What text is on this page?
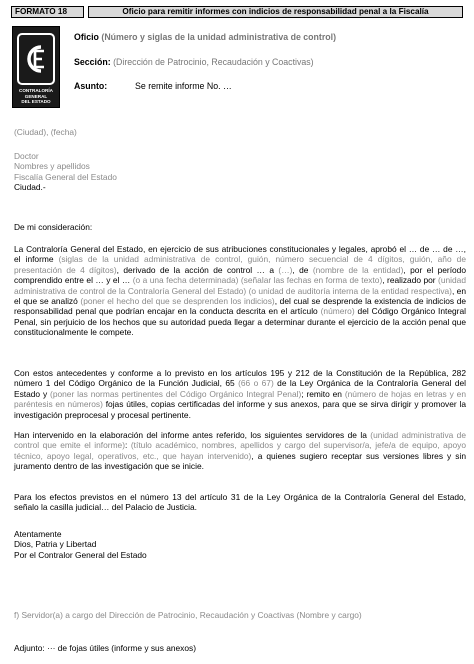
FORMATO 18	Oficio para remitir informes con indicios de responsabilidad penal a la Fiscalía
CONTRALORÍA
GENERAL
DEL ESTADO
Oficio (Número y siglas de la unidad administrativa de control)
Sección: (Dirección de Patrocinio, Recaudación y Coactivas)
Asunto:	Se remite informe No. …
(Ciudad), (fecha)
Doctor
Nombres y apellidos
Fiscalía General del Estado
Ciudad.-
De mi consideración:

La Contraloría General del Estado, en ejercicio de sus atribuciones constitucionales y legales, aprobó el … de … de …, el informe (siglas de la unidad administrativa de control, guión, número secuencial de 4 dígitos, guión, año de presentación de 4 dígitos), derivado de la acción de control … a (…), de (nombre de la entidad), por el período comprendido entre el … y el … (o a una fecha determinada) (señalar las fechas en forma de texto), realizado por (unidad administrativa de control de la Contraloría General del Estado) (o unidad de auditoría interna de la entidad respectiva), en el que se analizó (poner el hecho del que se desprenden los indicios), del cual se desprende la existencia de indicios de responsabilidad penal que podrían encajar en la conducta descrita en el artículo (número) del Código Orgánico Integral Penal, sin perjuicio de los hechos que su autoridad pueda llegar a determinar durante el ejercicio de la acción penal que constitucionalmente le compete.

Con estos antecedentes y conforme a lo previsto en los artículos 195 y 212 de la Constitución de la República, 282 número 1 del Código Orgánico de la Función Judicial, 65 (66 o 67) de la Ley Orgánica de la Contraloría General del Estado y (poner las normas pertinentes del Código Orgánico Integral Penal); remito en (número de hojas en letras y en paréntesis en números) fojas útiles, copias certificadas del informe y sus anexos, para que se sirva dirigir y promover la investigación preprocesal y procesal pertinente.

Han intervenido en la elaboración del informe antes referido, los siguientes servidores de la (unidad administrativa de control que emite el informe): (título académico, nombres, apellidos y cargo del supervisor/a, jefe/a de equipo, apoyo técnico, apoyo legal, operativos, etc., que hayan intervenido), a quienes sugiero receptar sus versiones libres y sin juramento dentro de las investigación que se inicie.

Para los efectos previstos en el número 13 del artículo 31 de la Ley Orgánica de la Contraloría General del Estado, señalo la casilla judicial… del Palacio de Justicia.

Atentamente
Dios, Patria y Libertad
Por el Contralor General del Estado
f) Servidor(a) a cargo del Dirección de Patrocinio, Recaudación y Coactivas (Nombre y cargo)
Adjunto: ··· de fojas útiles (informe y sus anexos)
